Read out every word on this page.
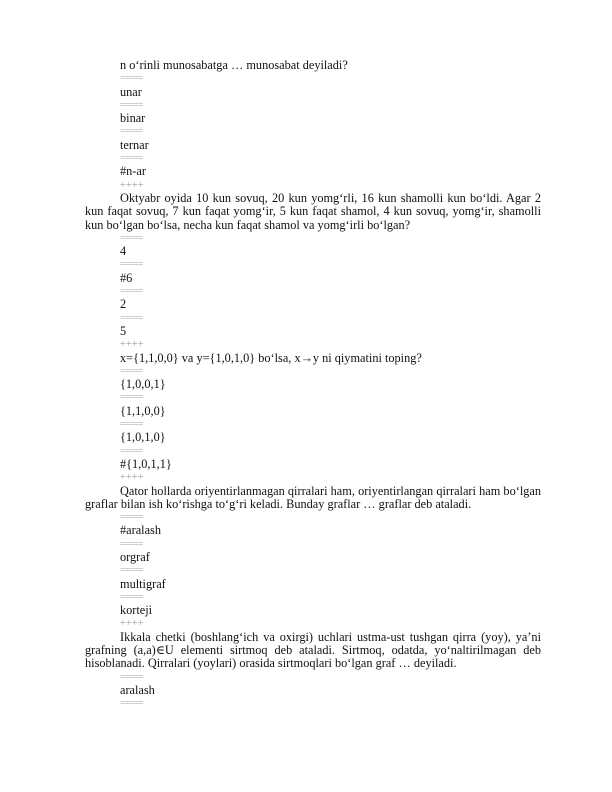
n o‘rinli munosabatga … munosabat deyiladi?
=====
unar
=====
binar
=====
ternar
=====
#n-ar
++++

Oktyabr oyida 10 kun sovuq, 20 kun yomg‘rli, 16 kun shamolli kun bo‘ldi. Agar 2 kun faqat sovuq, 7 kun faqat yomg‘ir, 5 kun faqat shamol, 4 kun sovuq, yomg‘ir, shamolli kun bo‘lgan bo‘lsa, necha kun faqat shamol va yomg‘irli bo‘lgan?

=====
4
=====
#6
=====
2
=====
5
++++
x={1,1,0,0} va y={1,0,1,0} bo‘lsa, x→y ni qiymatini toping?
=====
{1,0,0,1}
=====
{1,1,0,0}
=====
{1,0,1,0}
=====
#{1,0,1,1}
++++

Qator hollarda oriyentirlanmagan qirralari ham, oriyentirlangan qirralari ham bo‘lgan graflar bilan ish ko‘rishga to‘g‘ri keladi. Bunday graflar … graflar deb ataladi.

=====
#aralash
=====
orgraf
=====
multigraf
=====
korteji
++++

Ikkala chetki (boshlang‘ich va oxirgi) uchlari ustma-ust tushgan qirra (yoy), ya’ni grafning (a,a)∈U elementi sirtmoq deb ataladi. Sirtmoq, odatda, yo‘naltirilmagan deb hisoblanadi. Qirralari (yoylari) orasida sirtmoqlari bo‘lgan graf … deyiladi.

=====
aralash
=====
